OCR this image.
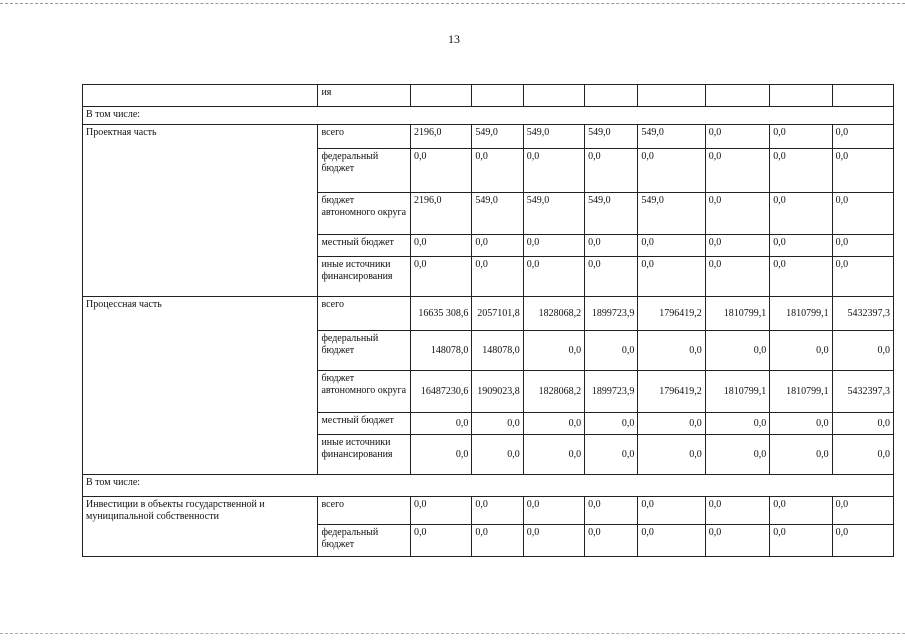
13
	ия								
В том числе:									
Проектная часть	всего	2196,0	549,0	549,0	549,0	549,0	0,0	0,0	0,0
	федеральный бюджет	0,0	0,0	0,0	0,0	0,0	0,0	0,0	0,0
	бюджет автономного округа	2196,0	549,0	549,0	549,0	549,0	0,0	0,0	0,0
	местный бюджет	0,0	0,0	0,0	0,0	0,0	0,0	0,0	0,0
	иные источники финансирования	0,0	0,0	0,0	0,0	0,0	0,0	0,0	0,0
Процессная часть	всего	16635 308,6	2057101,8	1828068,2	1899723,9	1796419,2	1810799,1	1810799,1	5432397,3
	федеральный бюджет	148078,0	148078,0	0,0	0,0	0,0	0,0	0,0	0,0
	бюджет автономного округа	16487230,6	1909023,8	1828068,2	1899723,9	1796419,2	1810799,1	1810799,1	5432397,3
	местный бюджет	0,0	0,0	0,0	0,0	0,0	0,0	0,0	0,0
	иные источники финансирования	0,0	0,0	0,0	0,0	0,0	0,0	0,0	0,0
В том числе:									
Инвестиции в объекты государственной и муниципальной собственности	всего	0,0	0,0	0,0	0,0	0,0	0,0	0,0	0,0
	федеральный бюджет	0,0	0,0	0,0	0,0	0,0	0,0	0,0	0,0
